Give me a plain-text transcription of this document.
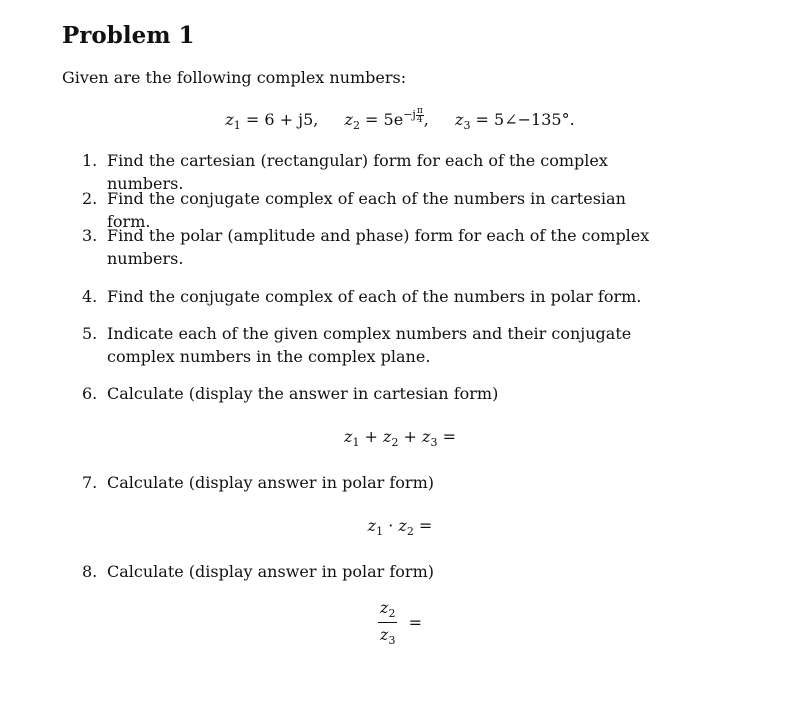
Problem 1
Given are the following complex numbers:
$z_1 = 6 + j5$, $z_2 = 5e^{-j \frac{\pi}{4}}$ , $z_3$ = 5∠−135°.
1. Find the cartesian (rectangular) form for each of the complex numbers.
2. Find the conjugate complex of each of the numbers in cartesian form.
3. Find the polar (amplitude and phase) form for each of the complex numbers.
4. Find the conjugate complex of each of the numbers in polar form.
5. Indicate each of the given complex numbers and their conjugate complex numbers in the complex plane.
6. Calculate (display the answer in cartesian form)
$z_1 + z_2 + z_3$ =
7. Calculate (display answer in polar form)
$z_1 \cdot z_2$ =
8. Calculate (display answer in polar form)
$\frac{z_2}{z_3}$ =
